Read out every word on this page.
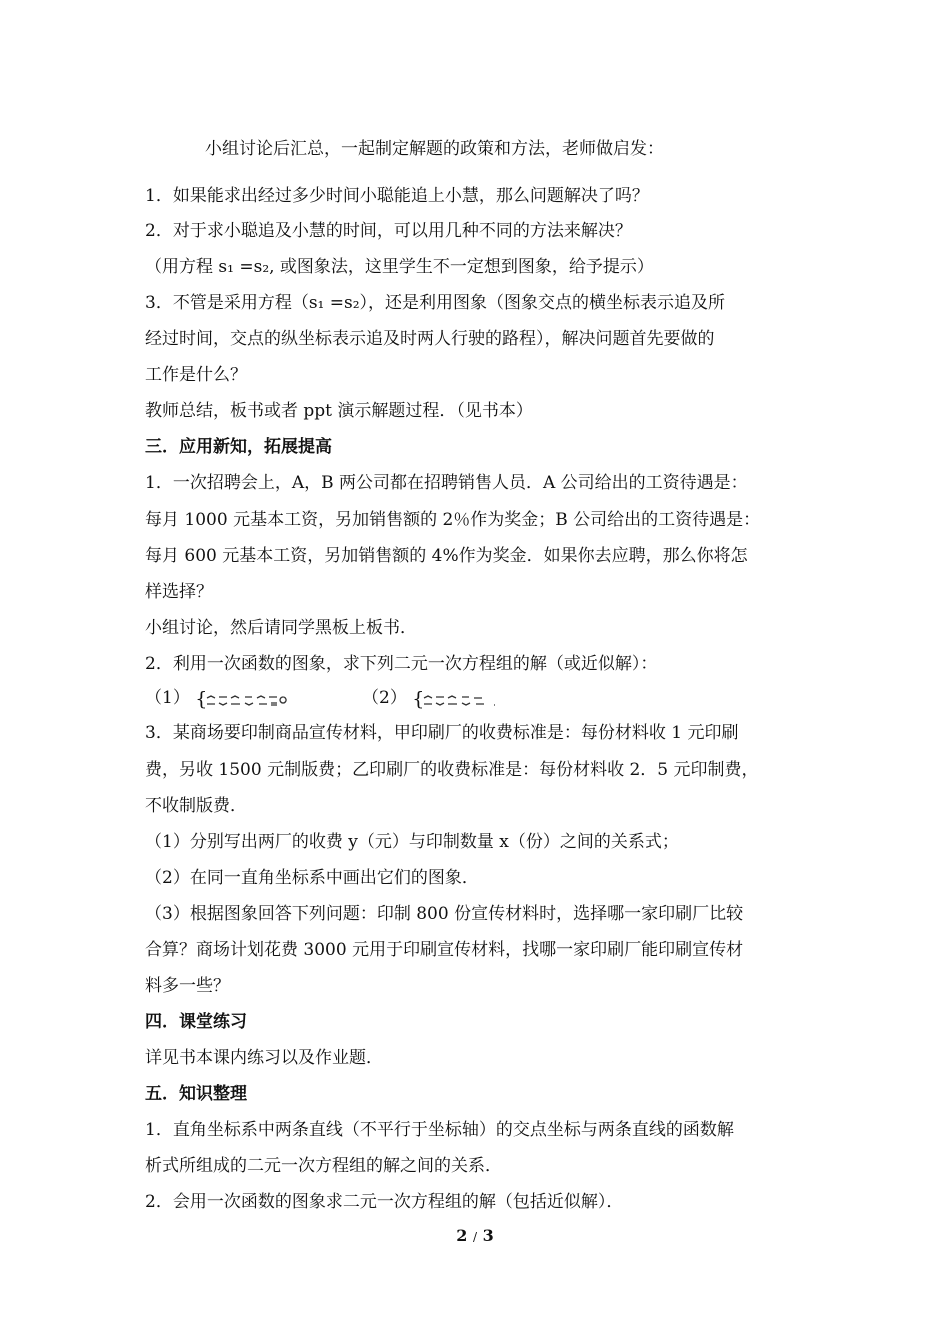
小组讨论后汇总，一起制定解题的政策和方法，老师做启发：
1．如果能求出经过多少时间小聪能追上小慧，那么问题解决了吗？
2．对于求小聪追及小慧的时间，可以用几种不同的方法来解决？
（用方程 s₁ =s₂, 或图象法，这里学生不一定想到图象，给予提示）
3．不管是采用方程（s₁ =s₂），还是利用图象（图象交点的横坐标表示追及所
经过时间，交点的纵坐标表示追及时两人行驶的路程），解决问题首先要做的
工作是什么？
教师总结，板书或者 ppt 演示解题过程．（见书本）
三．应用新知，拓展提高
1．一次招聘会上，A，B 两公司都在招聘销售人员．A 公司给出的工资待遇是：
每月 1000 元基本工资，另加销售额的 2％作为奖金；B 公司给出的工资待遇是：
每月 600 元基本工资，另加销售额的 4%作为奖金．如果你去应聘，那么你将怎
样选择？
小组讨论，然后请同学黑板上板书．
2．利用一次函数的图象，求下列二元一次方程组的解（或近似解）：
（1） {	（2） {
3．某商场要印制商品宣传材料，甲印刷厂的收费标准是：每份材料收 1 元印刷
费，另收 1500 元制版费；乙印刷厂的收费标准是：每份材料收 2．5 元印制费，
不收制版费．
（1）分别写出两厂的收费 y（元）与印制数量 x（份）之间的关系式；
（2）在同一直角坐标系中画出它们的图象．
（3）根据图象回答下列问题：印制 800 份宣传材料时，选择哪一家印刷厂比较
合算？商场计划花费 3000 元用于印刷宣传材料，找哪一家印刷厂能印刷宣传材
料多一些？
四．课堂练习
详见书本课内练习以及作业题．
五．知识整理
1．直角坐标系中两条直线（不平行于坐标轴）的交点坐标与两条直线的函数解
析式所组成的二元一次方程组的解之间的关系．
2．会用一次函数的图象求二元一次方程组的解（包括近似解）．
2 / 3
